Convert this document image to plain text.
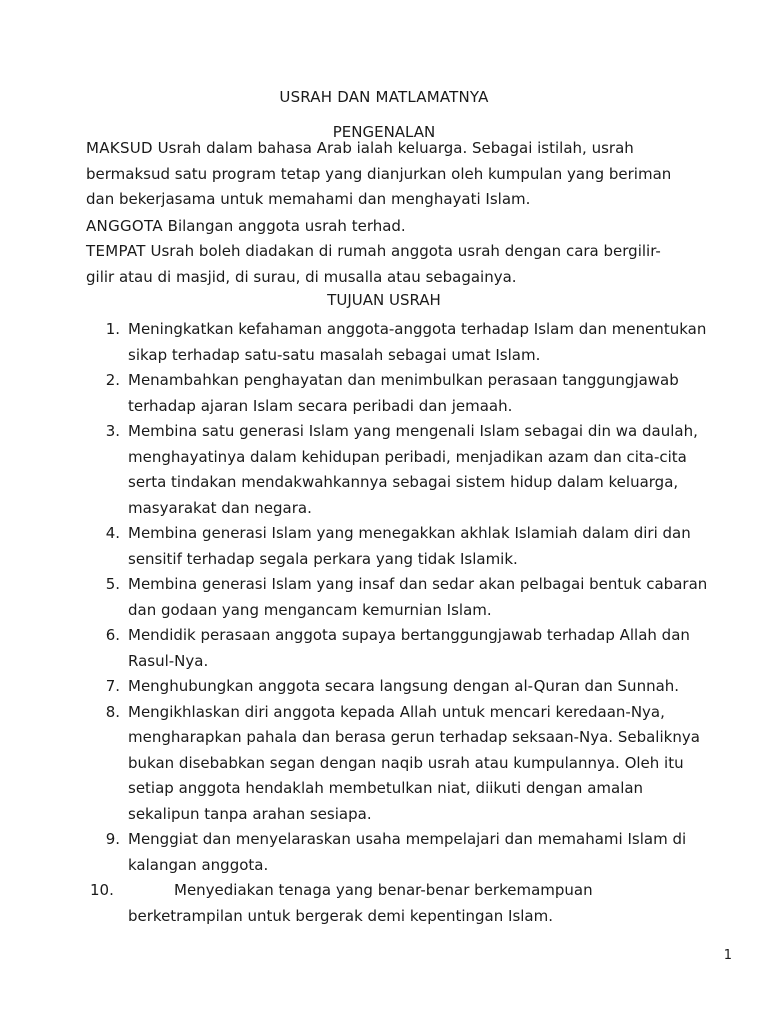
USRAH DAN MATLAMATNYA
PENGENALAN

MAKSUD Usrah dalam bahasa Arab ialah keluarga. Sebagai istilah, usrah bermaksud satu program tetap yang dianjurkan oleh kumpulan yang beriman dan bekerjasama untuk memahami dan menghayati Islam.

ANGGOTA Bilangan anggota usrah terhad.

TEMPAT Usrah boleh diadakan di rumah anggota usrah dengan cara bergilir-gilir atau di masjid, di surau, di musalla atau sebagainya.

TUJUAN USRAH
1. Meningkatkan kefahaman anggota-anggota terhadap Islam dan menentukan sikap terhadap satu-satu masalah sebagai umat Islam.
2. Menambahkan penghayatan dan menimbulkan perasaan tanggungjawab terhadap ajaran Islam secara peribadi dan jemaah.
3. Membina satu generasi Islam yang mengenali Islam sebagai din wa daulah, menghayatinya dalam kehidupan peribadi, menjadikan azam dan cita-cita serta tindakan mendakwahkannya sebagai sistem hidup dalam keluarga, masyarakat dan negara.
4. Membina generasi Islam yang menegakkan akhlak Islamiah dalam diri dan sensitif terhadap segala perkara yang tidak Islamik.
5. Membina generasi Islam yang insaf dan sedar akan pelbagai bentuk cabaran dan godaan yang mengancam kemurnian Islam.
6. Mendidik perasaan anggota supaya bertanggungjawab terhadap Allah dan Rasul-Nya.
7. Menghubungkan anggota secara langsung dengan al-Quran dan Sunnah.
8. Mengikhlaskan diri anggota kepada Allah untuk mencari keredaan-Nya, mengharapkan pahala dan berasa gerun terhadap seksaan-Nya. Sebaliknya bukan disebabkan segan dengan naqib usrah atau kumpulannya. Oleh itu setiap anggota hendaklah membetulkan niat, diikuti dengan amalan sekalipun tanpa arahan sesiapa.
9. Menggiat dan menyelaraskan usaha mempelajari dan memahami Islam di kalangan anggota.
10.	Menyediakan tenaga yang benar-benar berkemampuan berketrampilan untuk bergerak demi kepentingan Islam.
1
